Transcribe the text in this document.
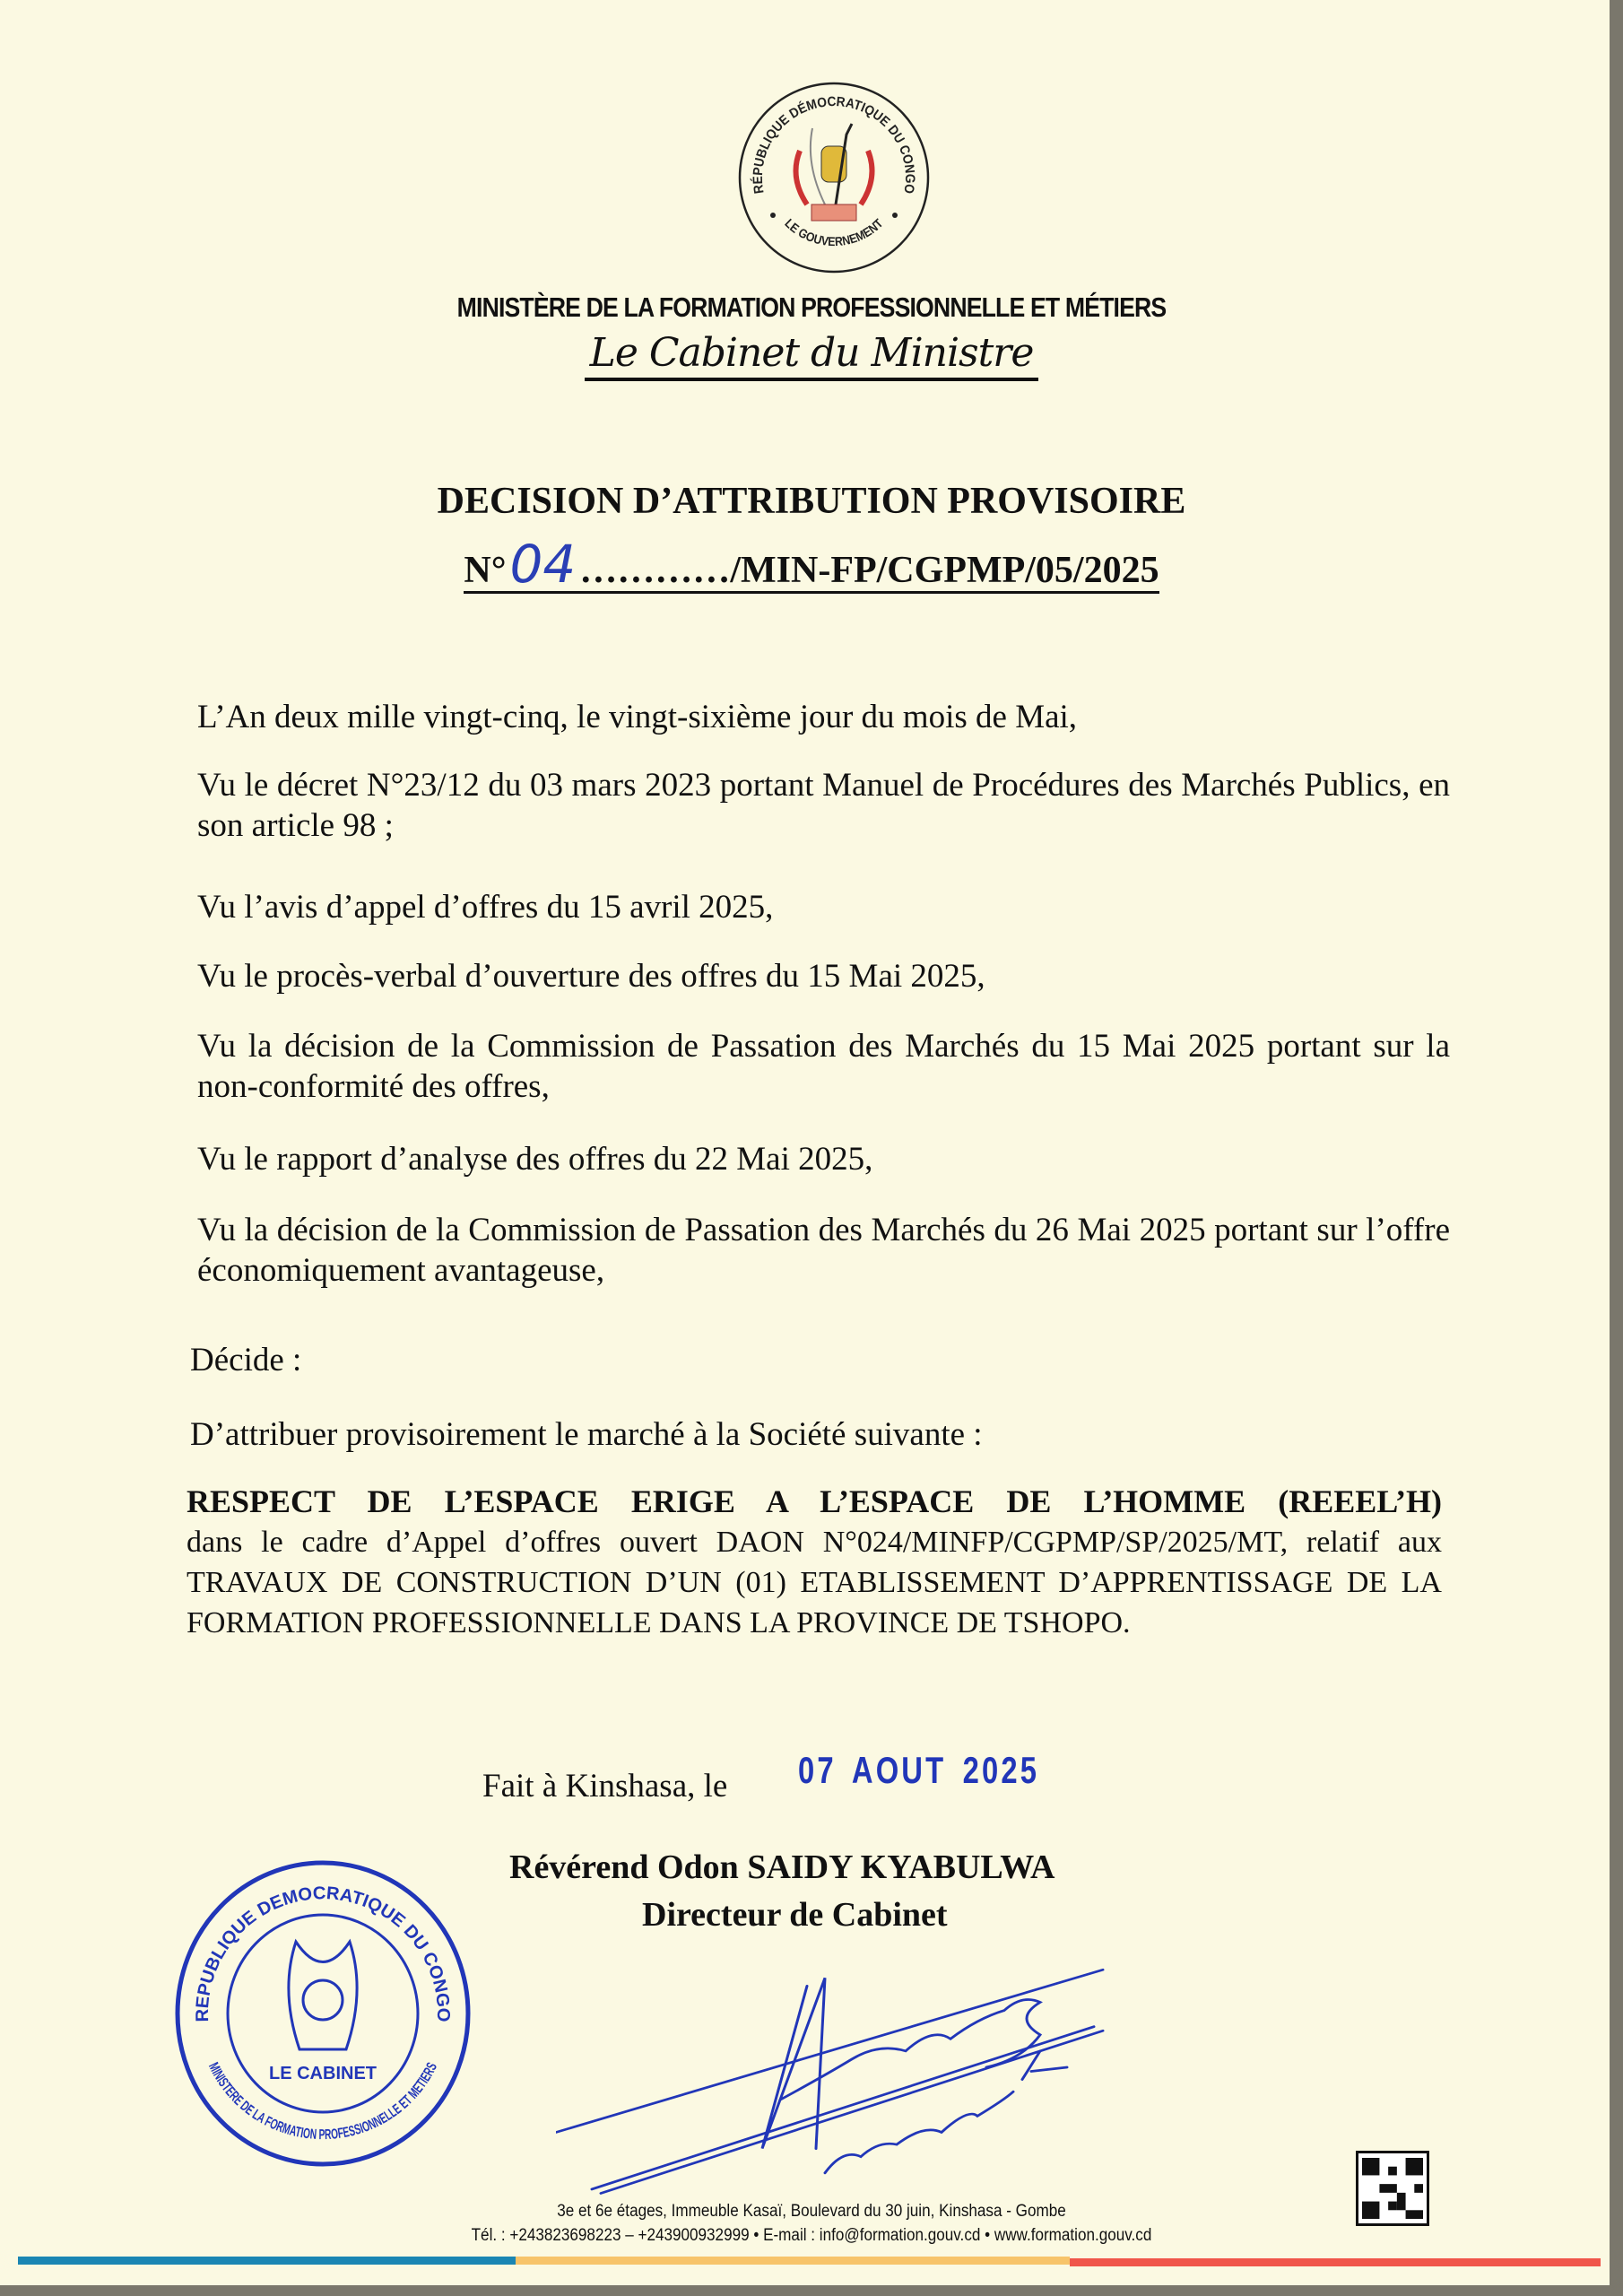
RÉPUBLIQUE DÉMOCRATIQUE DU CONGO
LE GOUVERNEMENT
MINISTÈRE DE LA FORMATION PROFESSIONNELLE ET MÉTIERS
Le Cabinet du Ministre
DECISION D’ATTRIBUTION PROVISOIRE
N°04…………/MIN-FP/CGPMP/05/2025
L’An deux mille vingt-cinq, le vingt-sixième jour du mois de Mai,
Vu le décret N°23/12 du 03 mars 2023 portant Manuel de Procédures des Marchés Publics, en son article 98 ;
Vu l’avis d’appel d’offres du 15 avril 2025,
Vu le procès-verbal d’ouverture des offres du 15 Mai 2025,
Vu la décision de la Commission de Passation des Marchés du 15 Mai 2025 portant sur la non-conformité des offres,
Vu le rapport d’analyse des offres du 22 Mai 2025,
Vu la décision de la Commission de Passation des Marchés du 26 Mai 2025 portant sur l’offre économiquement avantageuse,
Décide :
D’attribuer provisoirement le marché à la Société suivante :
RESPECT DE L’ESPACE ERIGE A L’ESPACE DE L’HOMME (REEEL’H)
dans le cadre d’Appel d’offres ouvert DAON N°024/MINFP/CGPMP/SP/2025/MT, relatif aux TRAVAUX DE CONSTRUCTION D’UN (01) ETABLISSEMENT D’APPRENTISSAGE DE LA FORMATION PROFESSIONNELLE DANS LA PROVINCE DE TSHOPO.
Fait à Kinshasa, le 07 AOUT 2025
REPUBLIQUE DEMOCRATIQUE DU CONGO
MINISTERE DE LA FORMATION PROFESSIONNELLE ET METIERS
LE CABINET
Révérend Odon SAIDY KYABULWA
Directeur de Cabinet
3e et 6e étages, Immeuble Kasaï, Boulevard du 30 juin, Kinshasa - Gombe
Tél. : +243823698223 – +243900932999 • E-mail : info@formation.gouv.cd • www.formation.gouv.cd
